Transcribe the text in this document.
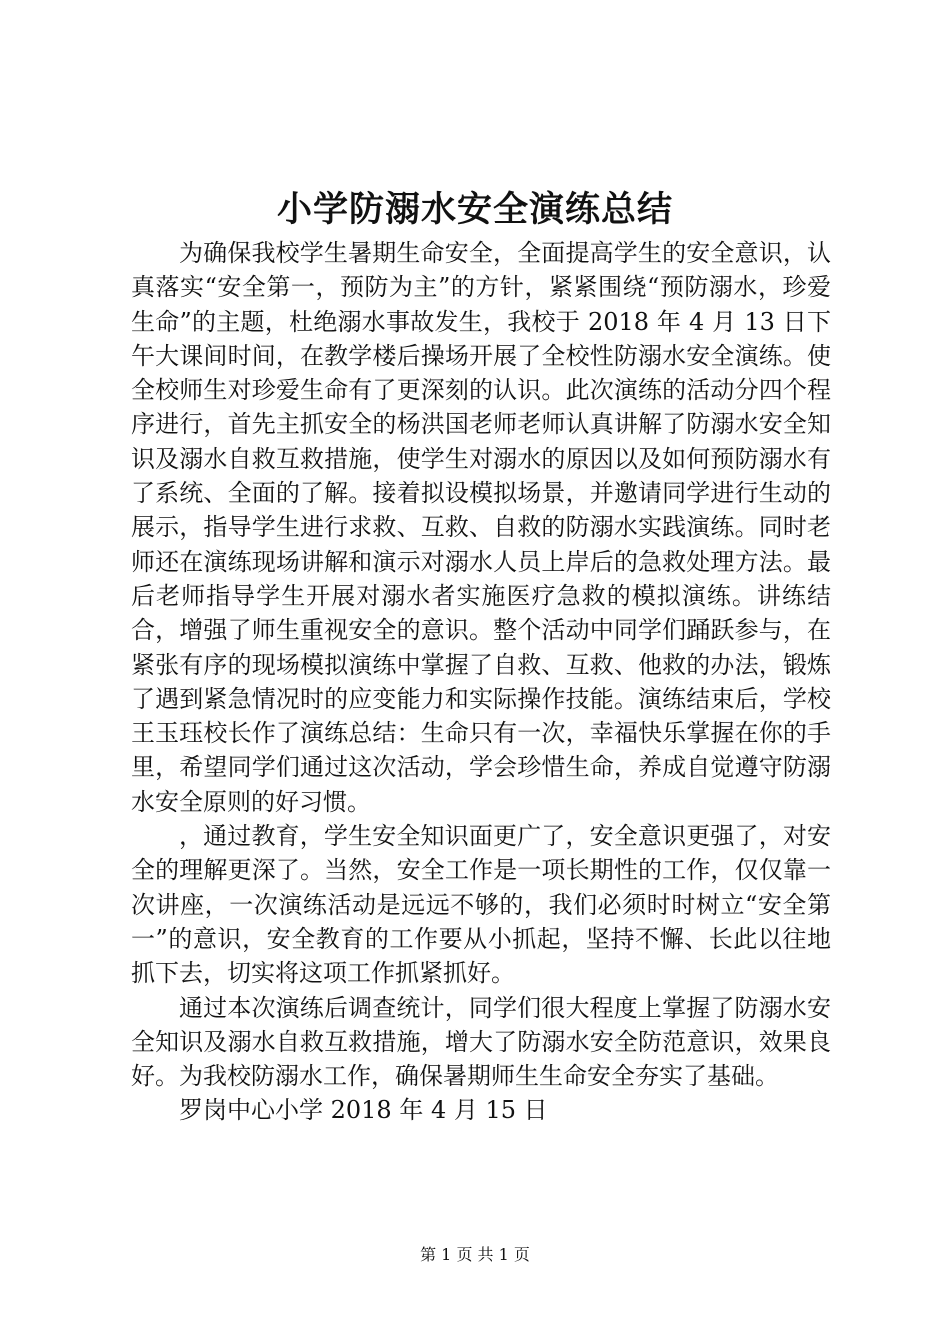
小学防溺水安全演练总结

为确保我校学生暑期生命安全，全面提高学生的安全意识，认真落实“安全第一，预防为主”的方针，紧紧围绕“预防溺水，珍爱生命”的主题，杜绝溺水事故发生，我校于 2018 年 4 月 13 日下午大课间时间，在教学楼后操场开展了全校性防溺水安全演练。使全校师生对珍爱生命有了更深刻的认识。此次演练的活动分四个程序进行，首先主抓安全的杨洪国老师老师认真讲解了防溺水安全知识及溺水自救互救措施，使学生对溺水的原因以及如何预防溺水有了系统、全面的了解。接着拟设模拟场景，并邀请同学进行生动的展示，指导学生进行求救、互救、自救的防溺水实践演练。同时老师还在演练现场讲解和演示对溺水人员上岸后的急救处理方法。最后老师指导学生开展对溺水者实施医疗急救的模拟演练。讲练结合，增强了师生重视安全的意识。整个活动中同学们踊跃参与，在紧张有序的现场模拟演练中掌握了自救、互救、他救的办法，锻炼了遇到紧急情况时的应变能力和实际操作技能。演练结束后，学校王玉珏校长作了演练总结：生命只有一次，幸福快乐掌握在你的手里，希望同学们通过这次活动，学会珍惜生命，养成自觉遵守防溺水安全原则的好习惯。

，通过教育，学生安全知识面更广了，安全意识更强了，对安全的理解更深了。当然，安全工作是一项长期性的工作，仅仅靠一次讲座，一次演练活动是远远不够的，我们必须时时树立“安全第一”的意识，安全教育的工作要从小抓起，坚持不懈、长此以往地抓下去，切实将这项工作抓紧抓好。

通过本次演练后调查统计，同学们很大程度上掌握了防溺水安全知识及溺水自救互救措施，增大了防溺水安全防范意识，效果良好。为我校防溺水工作，确保暑期师生生命安全夯实了基础。

罗岗中心小学 2018 年 4 月 15 日

第 1 页 共 1 页
